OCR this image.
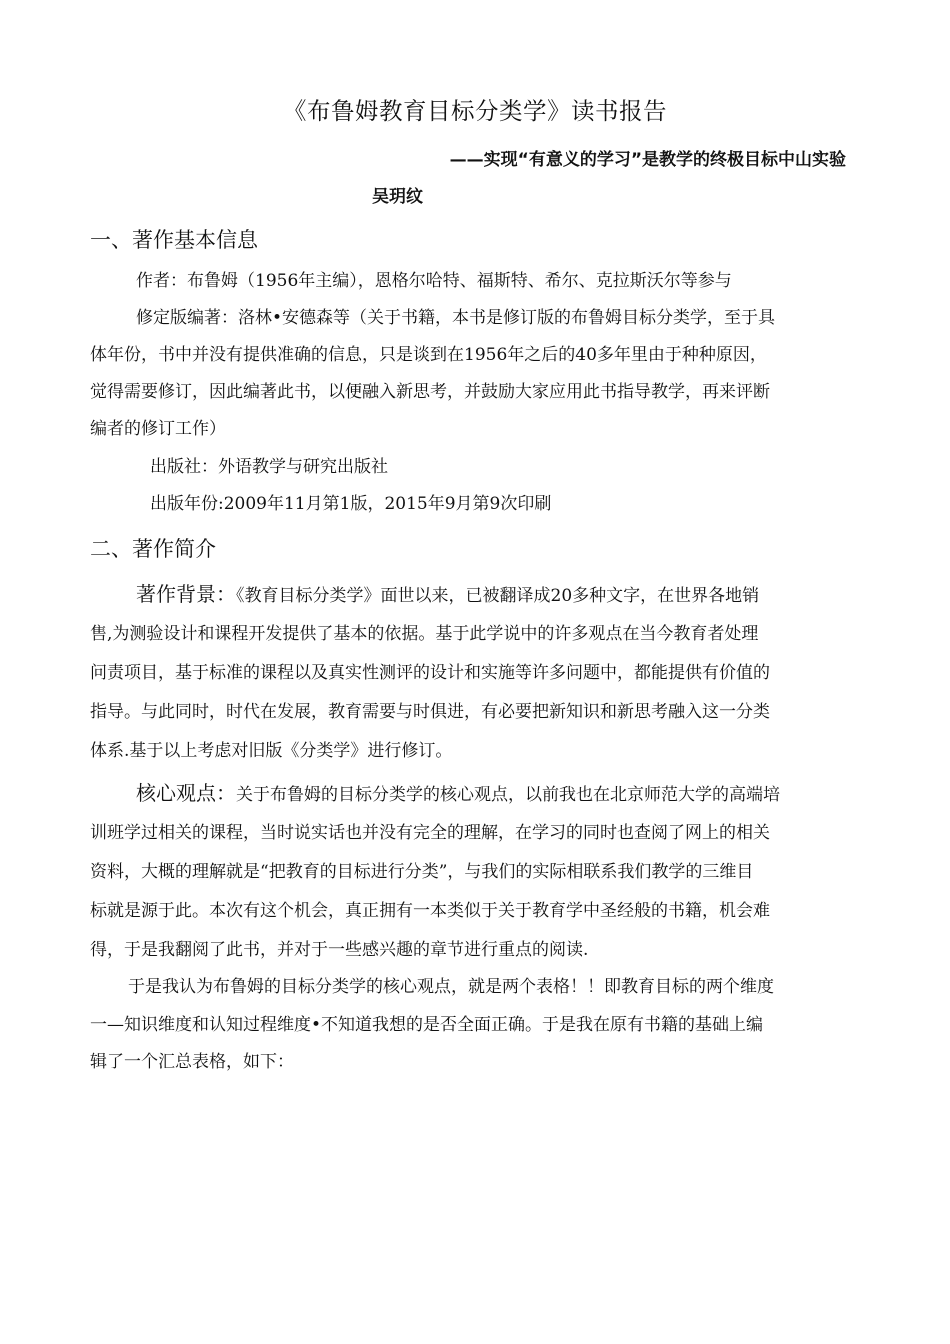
《布鲁姆教育目标分类学》读书报告
——实现“有意义的学习”是教学的终极目标中山实验
吴玥纹
一、著作基本信息
作者：布鲁姆（1956年主编），恩格尔哈特、福斯特、希尔、克拉斯沃尔等参与
修定版编著：洛林•安德森等（关于书籍，本书是修订版的布鲁姆目标分类学，至于具
体年份，书中并没有提供准确的信息，只是谈到在1956年之后的40多年里由于种种原因，
觉得需要修订，因此编著此书，以便融入新思考，并鼓励大家应用此书指导教学，再来评断
编者的修订工作）
出版社：外语教学与研究出版社
出版年份:2009年11月第1版，2015年9月第9次印刷
二、著作简介
著作背景：《教育目标分类学》面世以来，已被翻译成20多种文字，在世界各地销
售,为测验设计和课程开发提供了基本的依据。基于此学说中的许多观点在当今教育者处理
问责项目，基于标准的课程以及真实性测评的设计和实施等许多问题中，都能提供有价值的
指导。与此同时，时代在发展，教育需要与时俱进，有必要把新知识和新思考融入这一分类
体系.基于以上考虑对旧版《分类学》进行修订。
核心观点：关于布鲁姆的目标分类学的核心观点，以前我也在北京师范大学的高端培
训班学过相关的课程，当时说实话也并没有完全的理解，在学习的同时也查阅了网上的相关
资料，大概的理解就是“把教育的目标进行分类”，与我们的实际相联系我们教学的三维目
标就是源于此。本次有这个机会，真正拥有一本类似于关于教育学中圣经般的书籍，机会难
得，于是我翻阅了此书，并对于一些感兴趣的章节进行重点的阅读.
于是我认为布鲁姆的目标分类学的核心观点，就是两个表格！！即教育目标的两个维度
一—知识维度和认知过程维度•不知道我想的是否全面正确。于是我在原有书籍的基础上编
辑了一个汇总表格，如下：
